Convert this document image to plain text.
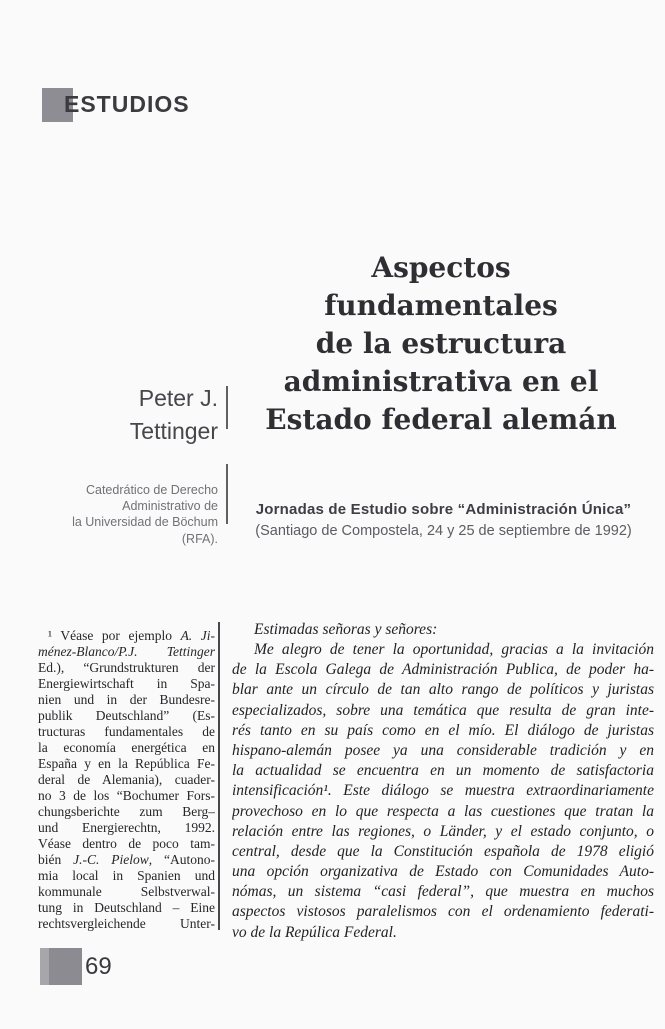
ESTUDIOS
Aspectos
fundamentales
de la estructura
administrativa en el
Estado federal alemán
Peter J.
Tettinger
Catedrático de Derecho
Administrativo de
la Universidad de Böchum
(RFA).
Jornadas de Estudio sobre “Administración Única”
(Santiago de Compostela, 24 y 25 de septiembre de 1992)
¹ Véase por ejemplo A. Ji-
ménez-Blanco/P.J. Tettinger
Ed.), “Grundstrukturen der
Energiewirtschaft in Spa-
nien und in der Bundesre-
publik Deutschland” (Es-
tructuras fundamentales de
la economía energética en
España y en la República Fe-
deral de Alemania), cuader-
no 3 de los “Bochumer Fors-
chungsberichte zum Berg–
und Energierechtn, 1992.
Véase dentro de poco tam-
bién J.-C. Pielow, “Autono-
mia local in Spanien und
kommunale Selbstverwal-
tung in Deutschland – Eine
rechtsvergleichende Unter-
Estimadas señoras y señores:
Me alegro de tener la oportunidad, gracias a la invitación
de la Escola Galega de Administración Publica, de poder ha-
blar ante un círculo de tan alto rango de políticos y juristas
especializados, sobre una temática que resulta de gran inte-
rés tanto en su país como en el mío. El diálogo de juristas
hispano-alemán posee ya una considerable tradición y en
la actualidad se encuentra en un momento de satisfactoria
intensificación¹. Este diálogo se muestra extraordinariamente
provechoso en lo que respecta a las cuestiones que tratan la
relación entre las regiones, o Länder, y el estado conjunto, o
central, desde que la Constitución española de 1978 eligió
una opción organizativa de Estado con Comunidades Auto-
nómas, un sistema “casi federal”, que muestra en muchos
aspectos vistosos paralelismos con el ordenamiento federati-
vo de la Repúlica Federal.
69
